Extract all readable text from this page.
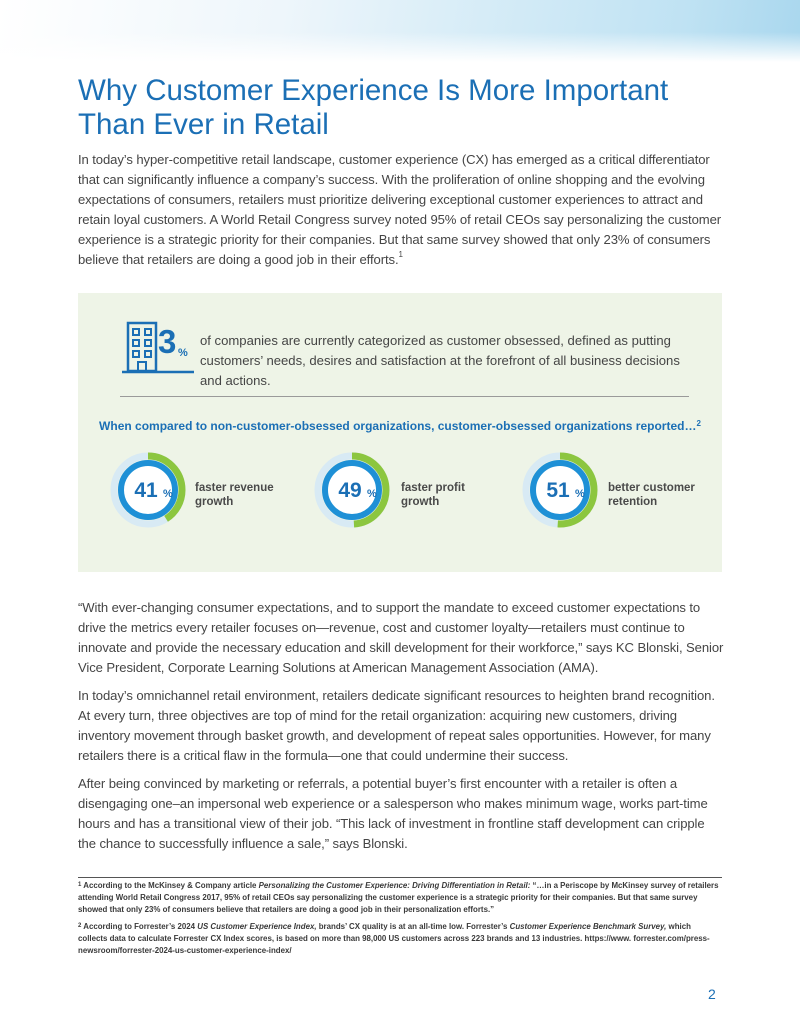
Why Customer Experience Is More Important Than Ever in Retail

In today’s hyper-competitive retail landscape, customer experience (CX) has emerged as a critical differentiator that can significantly influence a company’s success. With the proliferation of online shopping and the evolving expectations of consumers, retailers must prioritize delivering exceptional customer experiences to attract and retain loyal customers. A World Retail Congress survey noted 95% of retail CEOs say personalizing the customer experience is a strategic priority for their companies. But that same survey showed that only 23% of consumers believe that retailers are doing a good job in their efforts.$^1$

3 %
of companies are currently categorized as customer obsessed, defined as putting customers’ needs, desires and satisfaction at the forefront of all business decisions and actions.
When compared to non-customer-obsessed organizations, customer-obsessed organizations reported…$^2$
41 % faster revenue
growth	49 % faster profit
growth	51 % better customer
retention

“With ever-changing consumer expectations, and to support the mandate to exceed customer expectations to drive the metrics every retailer focuses on—revenue, cost and customer loyalty—retailers must continue to innovate and provide the necessary education and skill development for their workforce,” says KC Blonski, Senior Vice President, Corporate Learning Solutions at American Management Association (AMA).

In today’s omnichannel retail environment, retailers dedicate significant resources to heighten brand recognition. At every turn, three objectives are top of mind for the retail organization: acquiring new customers, driving inventory movement through basket growth, and development of repeat sales opportunities. However, for many retailers there is a critical flaw in the formula—one that could undermine their success.

After being convinced by marketing or referrals, a potential buyer’s first encounter with a retailer is often a disengaging one–an impersonal web experience or a salesperson who makes minimum wage, works part-time hours and has a transitional view of their job. “This lack of investment in frontline staff development can cripple the chance to successfully influence a sale,” says Blonski.

$^1$ According to the McKinsey & Company article Personalizing the Customer Experience: Driving Differentiation in Retail: “…in a Periscope by McKinsey survey of retailers attending World Retail Congress 2017, 95% of retail CEOs say personalizing the customer experience is a strategic priority for their companies. But that same survey showed that only 23% of consumers believe that retailers are doing a good job in their personalization efforts.”

$^2$ According to Forrester’s 2024 US Customer Experience Index, brands’ CX quality is at an all-time low. Forrester’s Customer Experience Benchmark Survey, which collects data to calculate Forrester CX Index scores, is based on more than 98,000 US customers across 223 brands and 13 industries. https://www. forrester.com/press-newsroom/forrester-2024-us-customer-experience-index/

2
